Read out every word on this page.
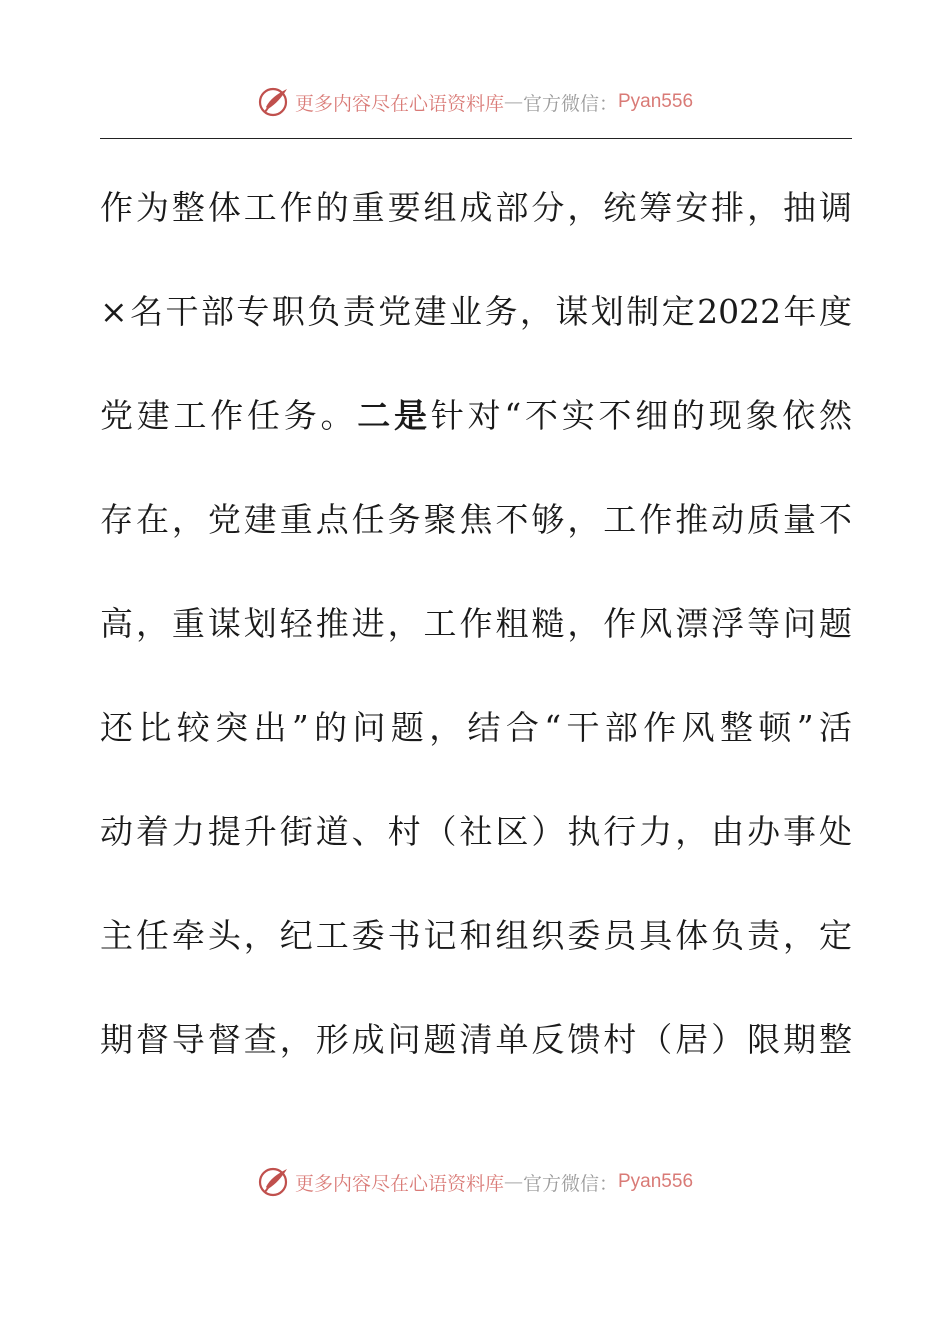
更多内容尽在心语资料库 — 官方微信： Pyan556
作为整体工作的重要组成部分，统筹安排，抽调
×名干部专职负责党建业务，谋划制定2022年度
党建工作任务。二是针对“不实不细的现象依然
存在，党建重点任务聚焦不够，工作推动质量不
高，重谋划轻推进，工作粗糙，作风漂浮等问题
还比较突出”的问题，结合“干部作风整顿”活
动着力提升街道、村（社区）执行力，由办事处
主任牵头，纪工委书记和组织委员具体负责，定
期督导督查，形成问题清单反馈村（居）限期整
更多内容尽在心语资料库 — 官方微信： Pyan556
